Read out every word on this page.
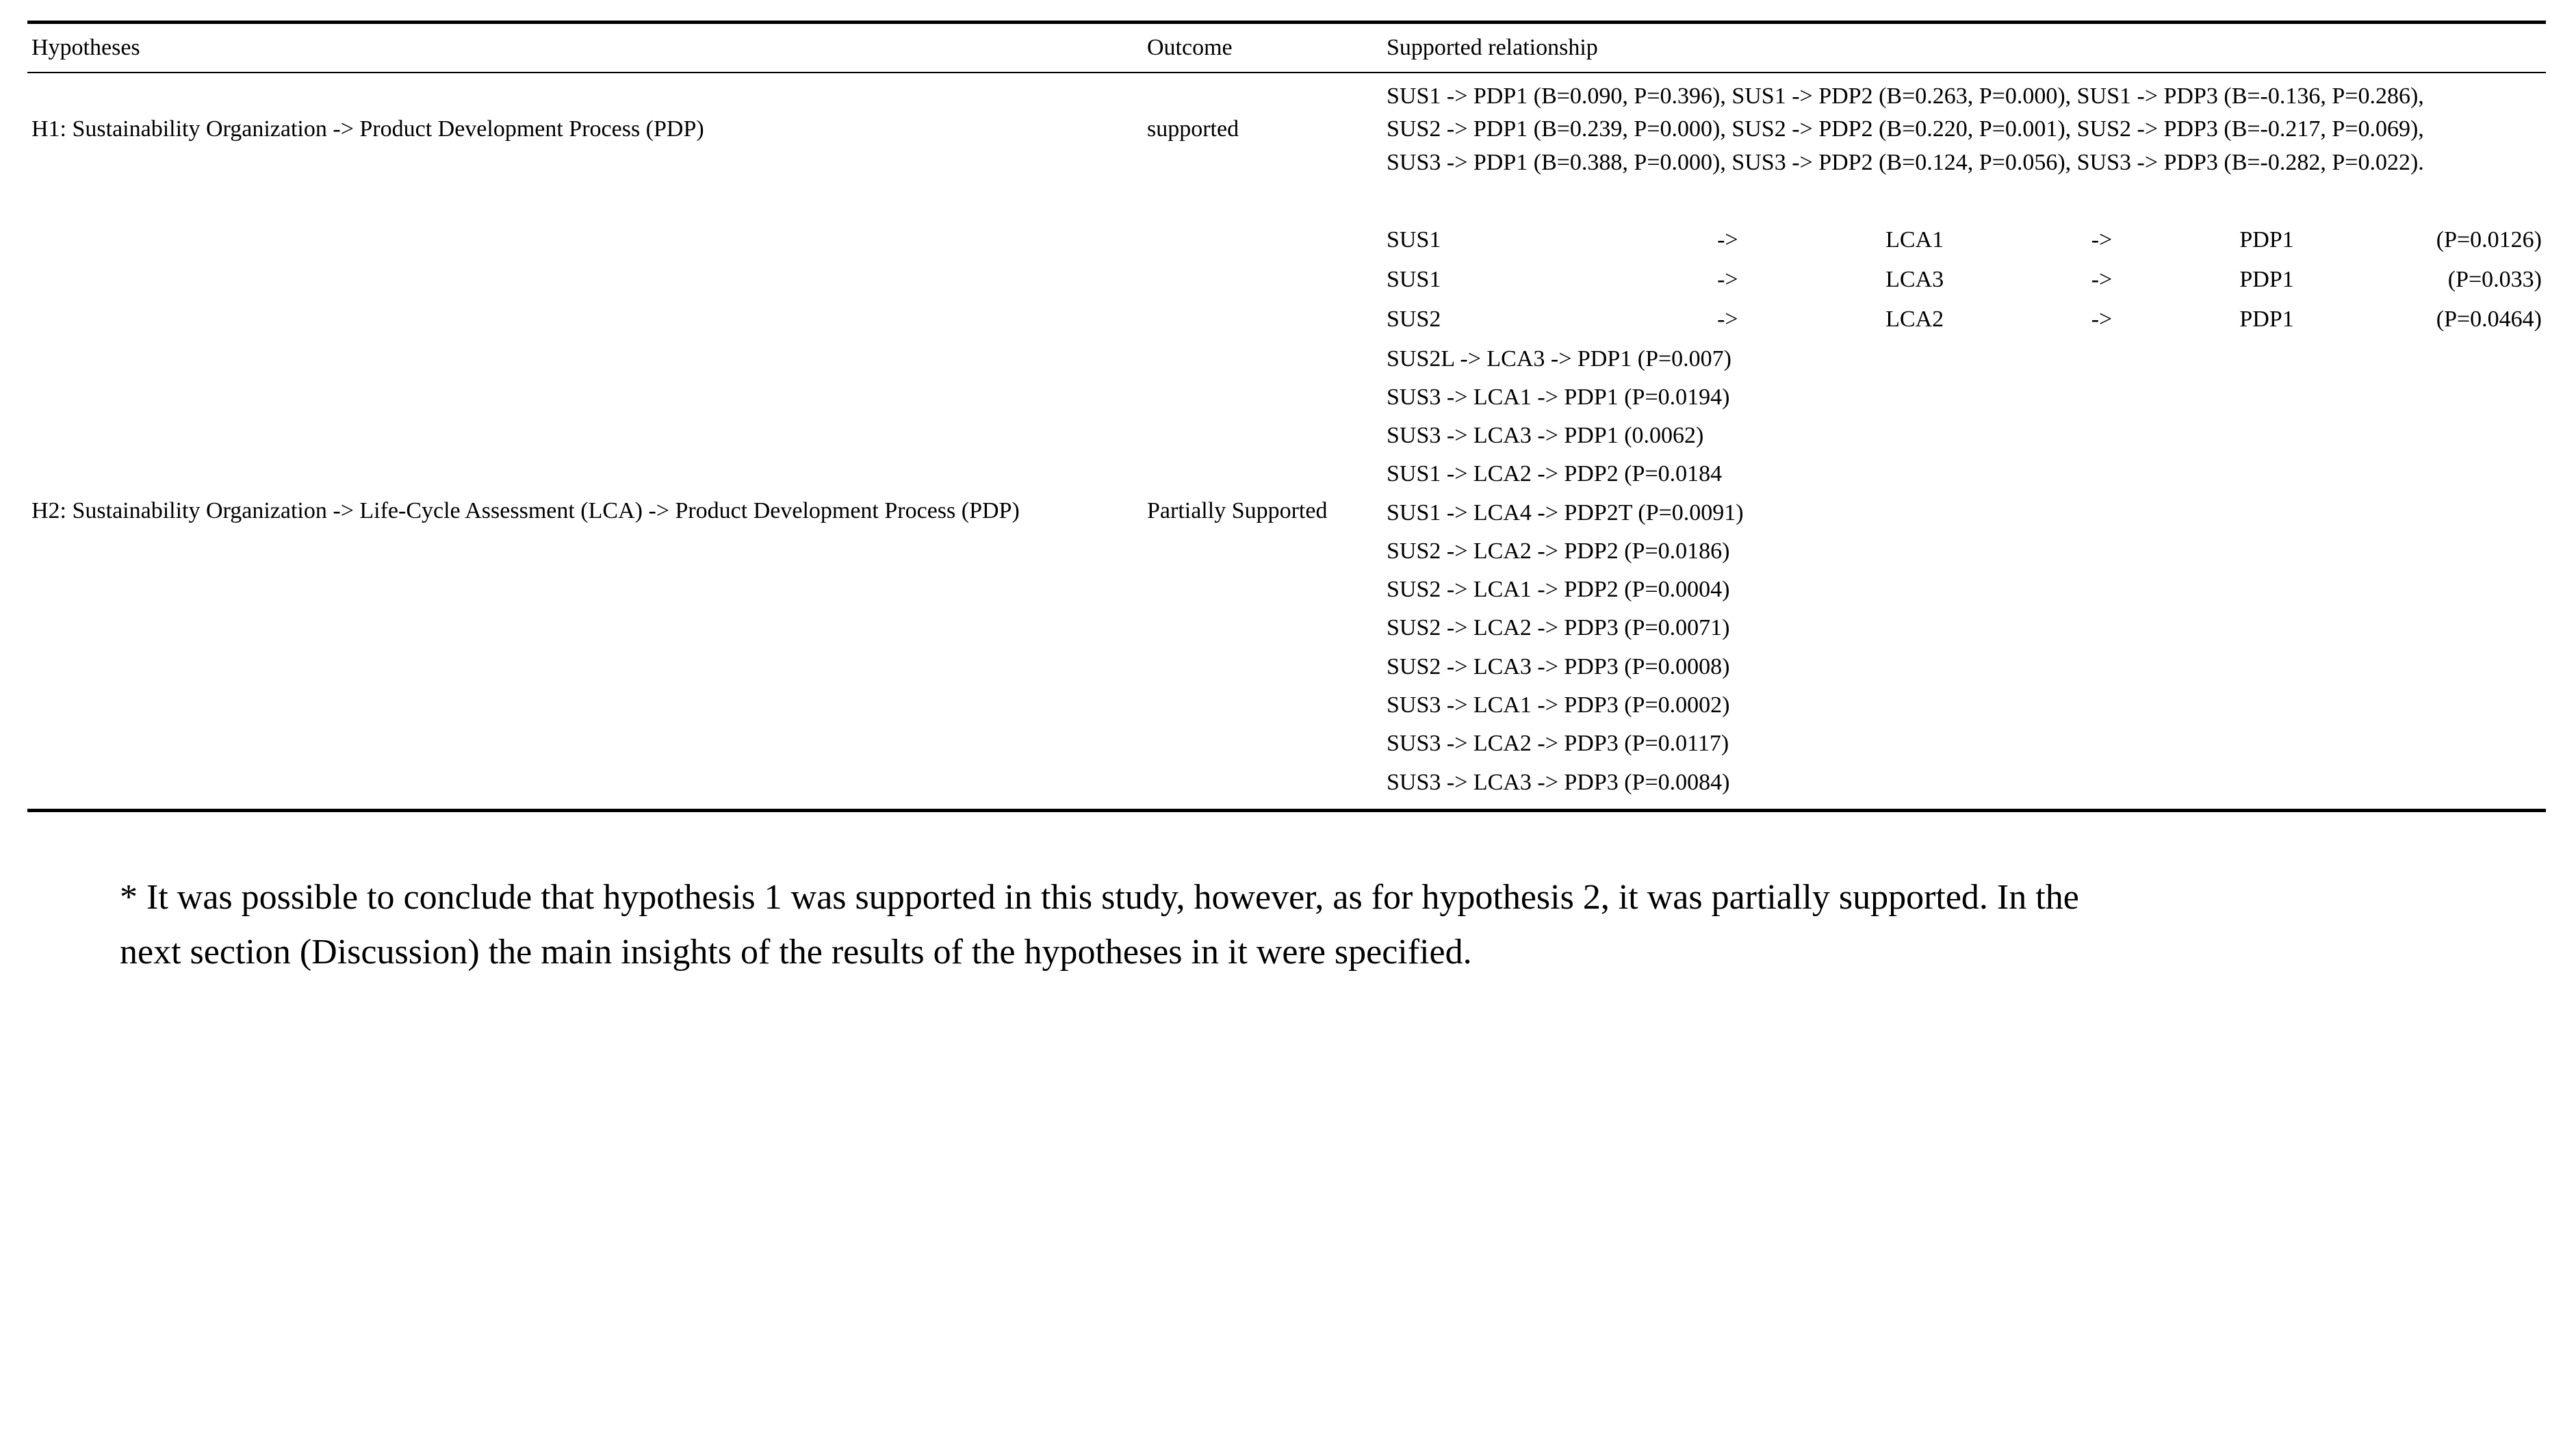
Hypotheses	Outcome	Supported relationship
H1: Sustainability Organization -> Product Development Process (PDP)	supported	

SUS1 -> PDP1 (B=0.090, P=0.396), SUS1 -> PDP2 (B=0.263, P=0.000), SUS1 -> PDP3 (B=-0.136, P=0.286),

SUS2 -> PDP1 (B=0.239, P=0.000), SUS2 -> PDP2 (B=0.220, P=0.001), SUS2 -> PDP3 (B=-0.217, P=0.069),

SUS3 -> PDP1 (B=0.388, P=0.000), SUS3 -> PDP2 (B=0.124, P=0.056), SUS3 -> PDP3 (B=-0.282, P=0.022).

H2: Sustainability Organization -> Life-Cycle Assessment (LCA) -> Product Development Process (PDP)	Partially Supported	
SUS1	->	LCA1	->	PDP1	(P=0.0126)
SUS1	->	LCA3	->	PDP1	(P=0.033)
SUS2	->	LCA2	->	PDP1	(P=0.0464)

SUS2L -> LCA3 -> PDP1 (P=0.007)

SUS3 -> LCA1 -> PDP1 (P=0.0194)

SUS3 -> LCA3 -> PDP1 (0.0062)

SUS1 -> LCA2 -> PDP2 (P=0.0184

SUS1 -> LCA4 -> PDP2T (P=0.0091)

SUS2 -> LCA2 -> PDP2 (P=0.0186)

SUS2 -> LCA1 -> PDP2 (P=0.0004)

SUS2 -> LCA2 -> PDP3 (P=0.0071)

SUS2 -> LCA3 -> PDP3 (P=0.0008)

SUS3 -> LCA1 -> PDP3 (P=0.0002)

SUS3 -> LCA2 -> PDP3 (P=0.0117)

SUS3 -> LCA3 -> PDP3 (P=0.0084)

* It was possible to conclude that hypothesis 1 was supported in this study, however, as for hypothesis 2, it was partially supported. In the next section (Discussion) the main insights of the results of the hypotheses in it were specified.
